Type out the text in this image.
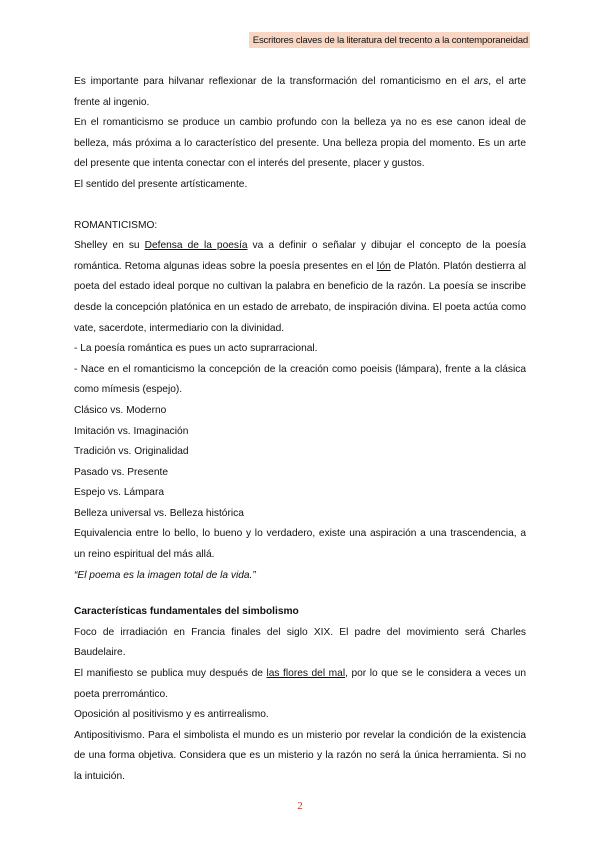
Escritores claves de la literatura del trecento a la contemporaneidad

Es importante para hilvanar reflexionar de la transformación del romanticismo en el ars, el arte frente al ingenio.

En el romanticismo se produce un cambio profundo con la belleza ya no es ese canon ideal de belleza, más próxima a lo característico del presente. Una belleza propia del momento. Es un arte del presente que intenta conectar con el interés del presente, placer y gustos.

El sentido del presente artísticamente.

ROMANTICISMO:

Shelley en su Defensa de la poesía va a definir o señalar y dibujar el concepto de la poesía romántica. Retoma algunas ideas sobre la poesía presentes en el Ión de Platón. Platón destierra al poeta del estado ideal porque no cultivan la palabra en beneficio de la razón. La poesía se inscribe desde la concepción platónica en un estado de arrebato, de inspiración divina. El poeta actúa como vate, sacerdote, intermediario con la divinidad.

- La poesía romántica es pues un acto suprarracional.

- Nace en el romanticismo la concepción de la creación como poeisis (lámpara), frente a la clásica como mímesis (espejo).

Clásico vs. Moderno

Imitación vs. Imaginación

Tradición vs. Originalidad

Pasado vs. Presente

Espejo vs. Lámpara

Belleza universal vs. Belleza histórica

Equivalencia entre lo bello, lo bueno y lo verdadero, existe una aspiración a una trascendencia, a un reino espiritual del más allá.

“El poema es la imagen total de la vida.”

Características fundamentales del simbolismo

Foco de irradiación en Francia finales del siglo XIX. El padre del movimiento será Charles Baudelaire.

El manifiesto se publica muy después de las flores del mal, por lo que se le considera a veces un poeta prerromántico.

Oposición al positivismo y es antirrealismo.

Antipositivismo. Para el simbolista el mundo es un misterio por revelar la condición de la existencia de una forma objetiva. Considera que es un misterio y la razón no será la única herramienta. Si no la intuición.

2
